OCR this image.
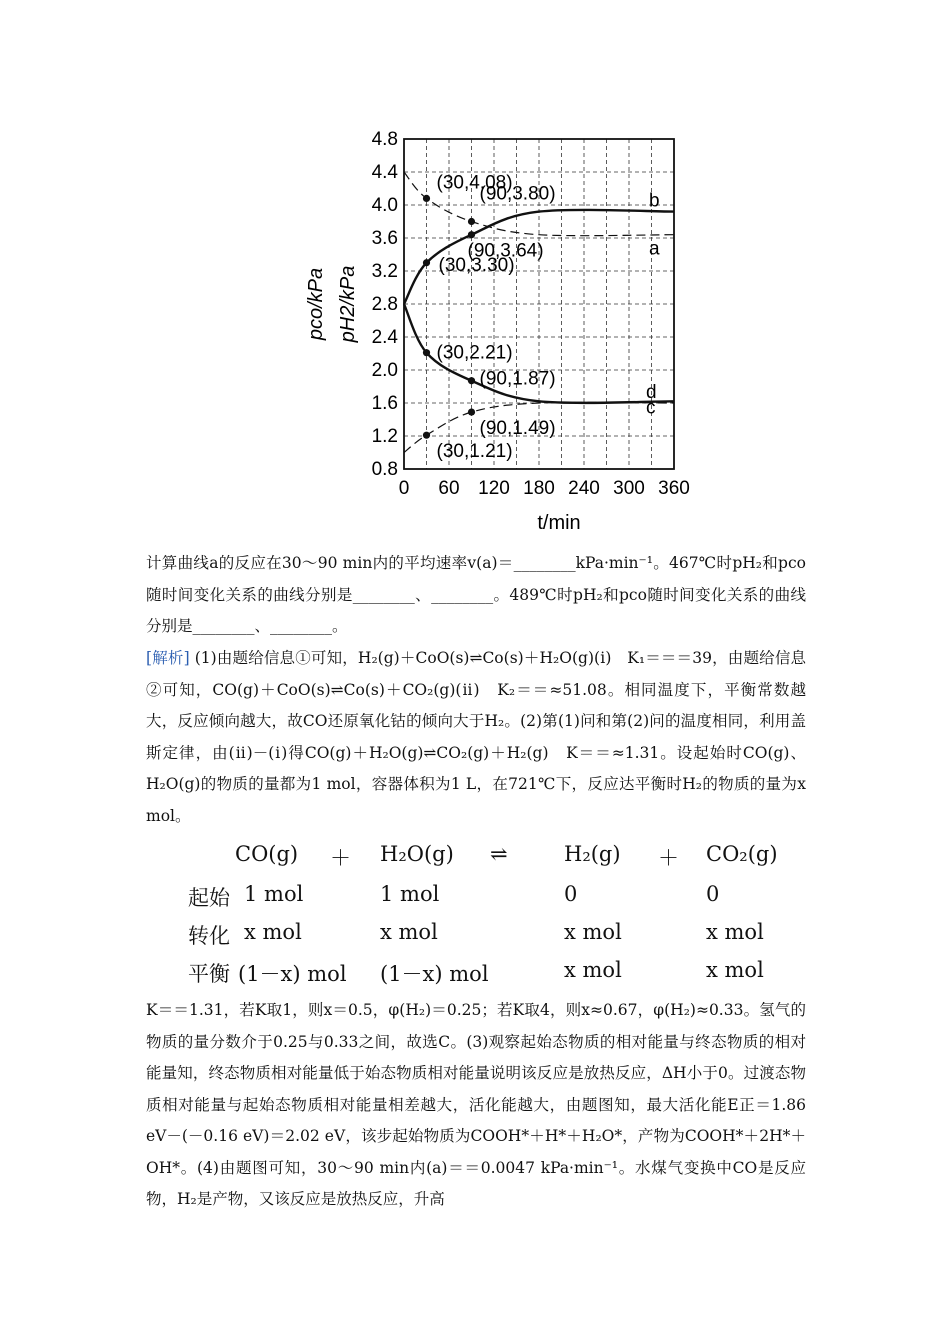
0 60 120 180 240 300 360
0.8
1.2
1.6
2.0
2.4
2.8
3.2
3.6
4.0
4.4
4.8
t/min
pco/kPa pH2/kPa
(30,4.08)
(90,3.80)
(90,3.64)
(30,3.30)
(30,2.21)
(90,1.87)
(90,1.49)
(30,1.21)
b
a
d
c
计算曲线a的反应在30～90 min内的平均速率v(a)＝________kPa·min⁻¹。467℃时pH₂和pco随时间变化关系的曲线分别是________、________。489℃时pH₂和pco随时间变化关系的曲线分别是________、________。
[解析] (1)由题给信息①可知，H₂(g)＋CoO(s)⇌Co(s)＋H₂O(g)(ⅰ)　K₁＝＝＝39，由题给信息②可知，CO(g)＋CoO(s)⇌Co(s)＋CO₂(g)(ⅱ)　K₂＝＝≈51.08。相同温度下，平衡常数越大，反应倾向越大，故CO还原氧化钴的倾向大于H₂。(2)第(1)问和第(2)问的温度相同，利用盖斯定律，由(ⅱ)－(ⅰ)得CO(g)＋H₂O(g)⇌CO₂(g)＋H₂(g)　K＝＝≈1.31。设起始时CO(g)、H₂O(g)的物质的量都为1 mol，容器体积为1 L，在721℃下，反应达平衡时H₂的物质的量为x mol。
CO(g) ＋ H₂O(g) ⇌	H₂(g) ＋ CO₂(g)
起始 1 mol	1 mol	0	0
转化 x mol	x mol	x mol	x mol
平衡 (1－x) mol (1－x) mol	x mol	x mol
K＝＝1.31，若K取1，则x＝0.5，φ(H₂)＝0.25；若K取4，则x≈0.67，φ(H₂)≈0.33。氢气的物质的量分数介于0.25与0.33之间，故选C。(3)观察起始态物质的相对能量与终态物质的相对能量知，终态物质相对能量低于始态物质相对能量说明该反应是放热反应，ΔH小于0。过渡态物质相对能量与起始态物质相对能量相差越大，活化能越大，由题图知，最大活化能E正＝1.86 eV－(－0.16 eV)＝2.02 eV，该步起始物质为COOH*＋H*＋H₂O*，产物为COOH*＋2H*＋OH*。(4)由题图可知，30～90 min内(a)＝＝0.0047 kPa·min⁻¹。水煤气变换中CO是反应物，H₂是产物，又该反应是放热反应，升高
